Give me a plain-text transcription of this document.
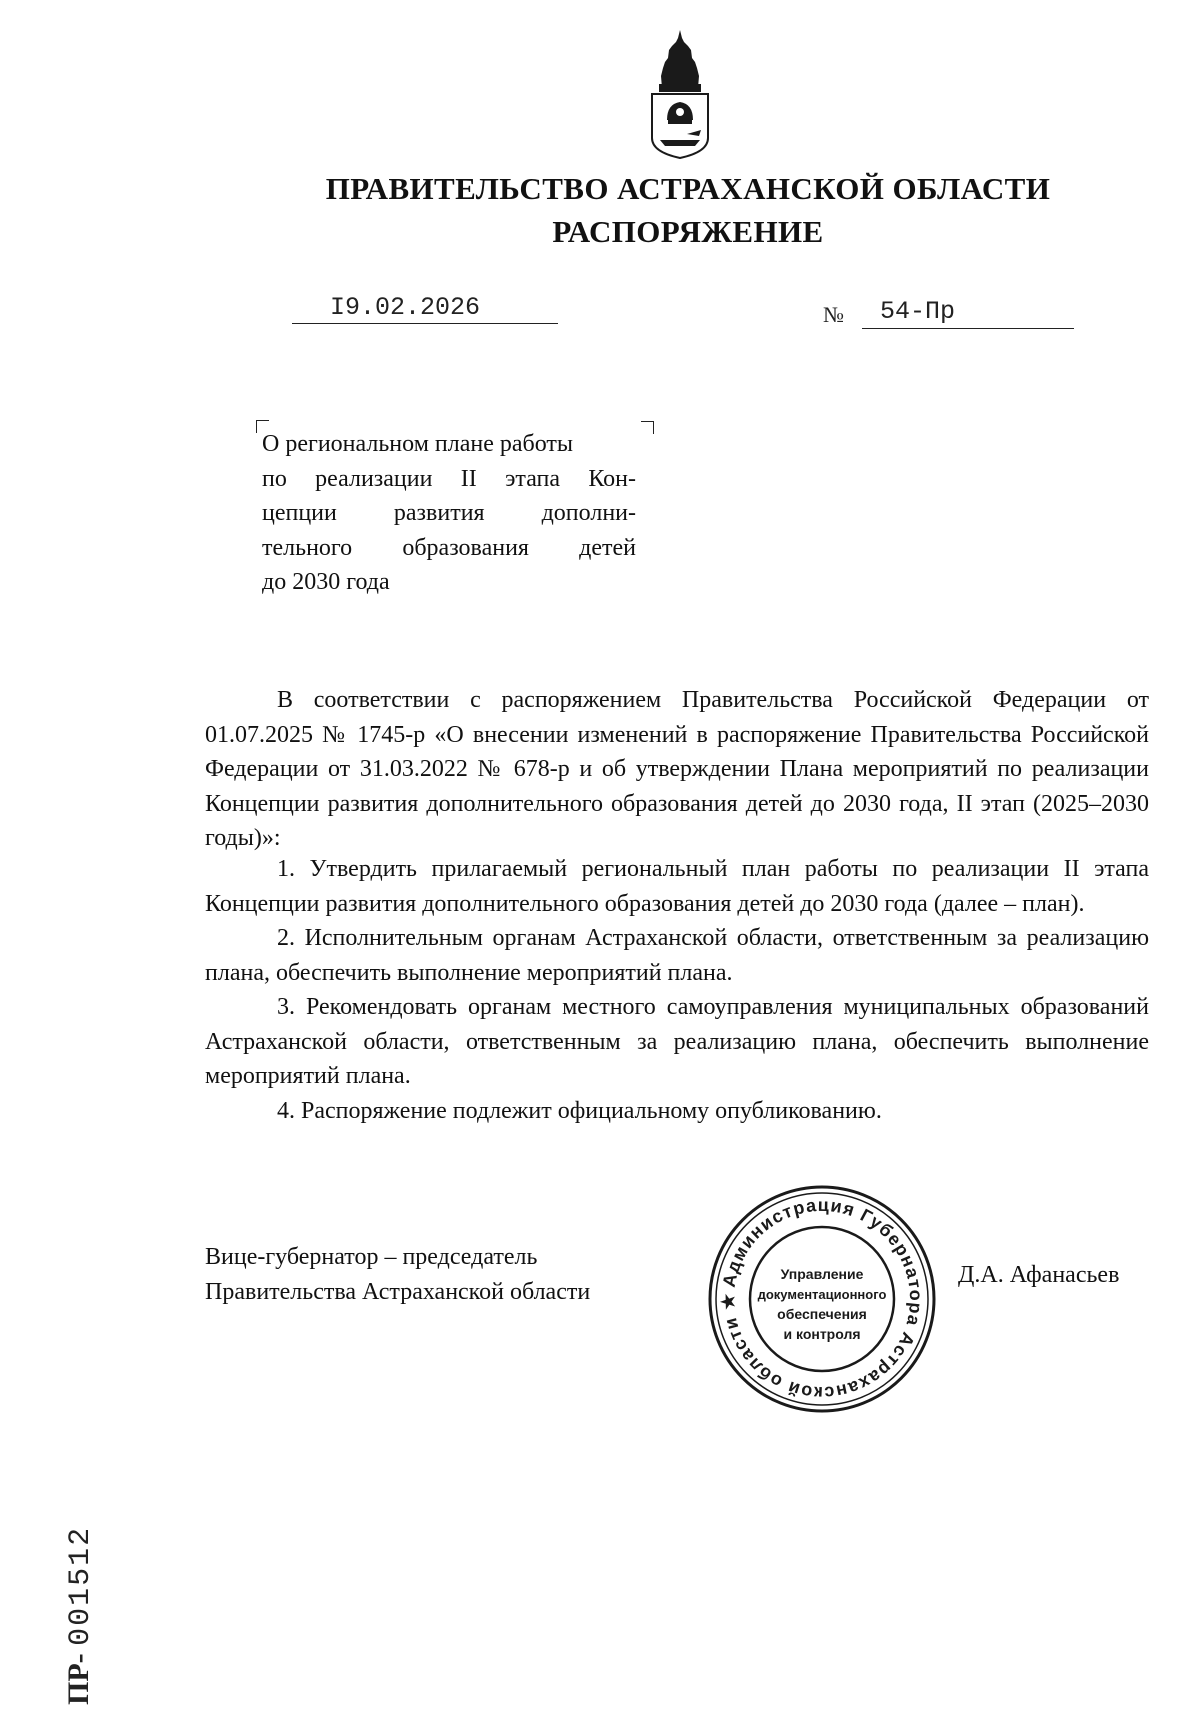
ПРАВИТЕЛЬСТВО АСТРАХАНСКОЙ ОБЛАСТИ
РАСПОРЯЖЕНИЕ
I9.02.2026	№ 54-Пр
О региональном плане работы
по реализации II этапа Кон-
цепции развития дополни-
тельного образования детей
до 2030 года

В соответствии с распоряжением Правительства Российской Федерации от 01.07.2025 № 1745-р «О внесении изменений в распоряжение Правительства Российской Федерации от 31.03.2022 № 678-р и об утверждении Плана мероприятий по реализации Концепции развития дополнительного образования детей до 2030 года, II этап (2025–2030 годы)»:

1. Утвердить прилагаемый региональный план работы по реализации II этапа Концепции развития дополнительного образования детей до 2030 года (далее – план).

2. Исполнительным органам Астраханской области, ответственным за реализацию плана, обеспечить выполнение мероприятий плана.

3. Рекомендовать органам местного самоуправления муниципальных образований Астраханской области, ответственным за реализацию плана, обеспечить выполнение мероприятий плана.

4. Распоряжение подлежит официальному опубликованию.

Вице-губернатор – председатель
Правительства Астраханской области	Администрация Губернатора Астраханской области ★
Управление
документационного
обеспечения
и контроля
Д.А. Афанасьев
ПР- 001512
